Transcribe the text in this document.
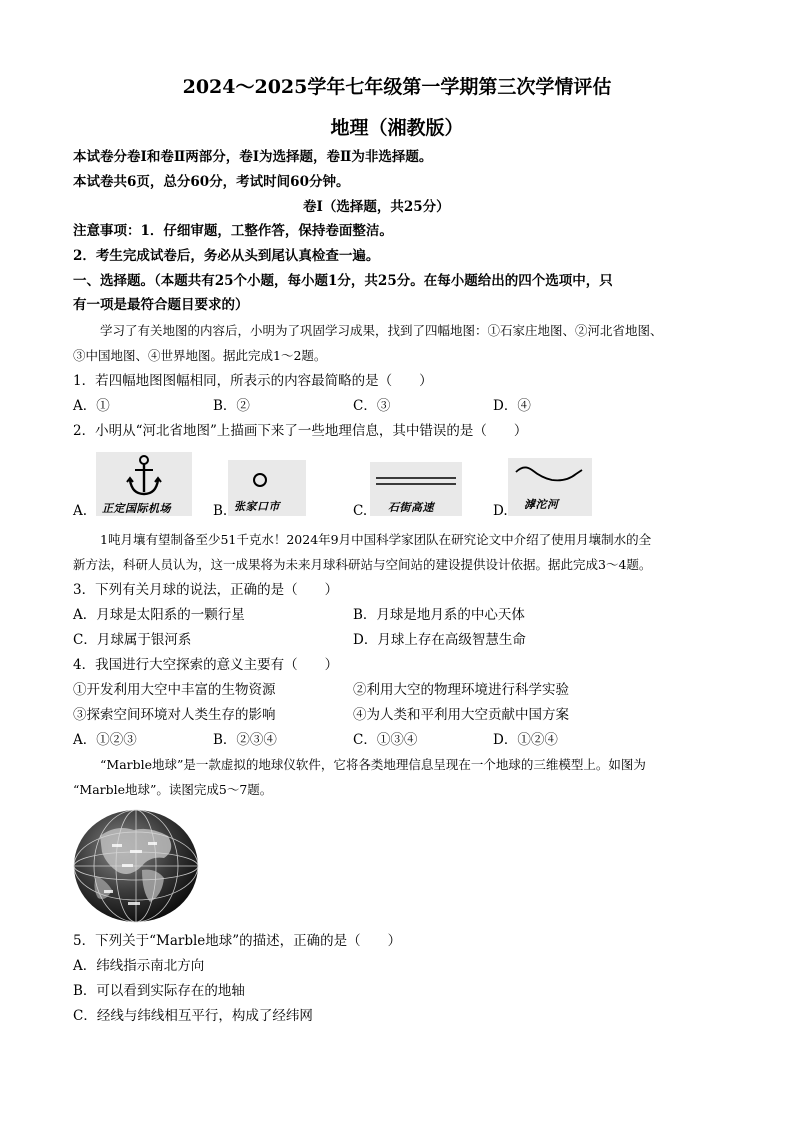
2024～2025学年七年级第一学期第三次学情评估
地理（湘教版）
本试卷分卷Ⅰ和卷Ⅱ两部分，卷Ⅰ为选择题，卷Ⅱ为非选择题。
本试卷共6页，总分60分，考试时间60分钟。
卷Ⅰ（选择题，共25分）
注意事项：1．仔细审题，工整作答，保持卷面整洁。
2．考生完成试卷后，务必从头到尾认真检查一遍。
一、选择题。（本题共有25个小题，每小题1分，共25分。在每小题给出的四个选项中，只
有一项是最符合题目要求的）
学习了有关地图的内容后，小明为了巩固学习成果，找到了四幅地图：①石家庄地图、②河北省地图、
③中国地图、④世界地图。据此完成1～2题。
1．若四幅地图图幅相同，所表示的内容最简略的是（　　）
A．①	B．②	C．③	D．④
2．小明从“河北省地图”上描画下来了一些地理信息，其中错误的是（　　）
A. 正定国际机场	B. 张家口市	C. 石街高速	D. 滹沱河
1吨月壤有望制备至少51千克水！2024年9月中国科学家团队在研究论文中介绍了使用月壤制水的全
新方法，科研人员认为，这一成果将为未来月球科研站与空间站的建设提供设计依据。据此完成3～4题。
3．下列有关月球的说法，正确的是（　　）
A．月球是太阳系的一颗行星	B．月球是地月系的中心天体
C．月球属于银河系	D．月球上存在高级智慧生命
4．我国进行大空探索的意义主要有（　　）
①开发利用大空中丰富的生物资源	②利用大空的物理环境进行科学实验
③探索空间环境对人类生存的影响	④为人类和平利用大空贡献中国方案
A．①②③	B．②③④	C．①③④	D．①②④
“Marble地球”是一款虚拟的地球仪软件，它将各类地理信息呈现在一个地球的三维模型上。如图为
“Marble地球”。读图完成5～7题。
5．下列关于“Marble地球”的描述，正确的是（　　）
A．纬线指示南北方向
B．可以看到实际存在的地轴
C．经线与纬线相互平行，构成了经纬网
